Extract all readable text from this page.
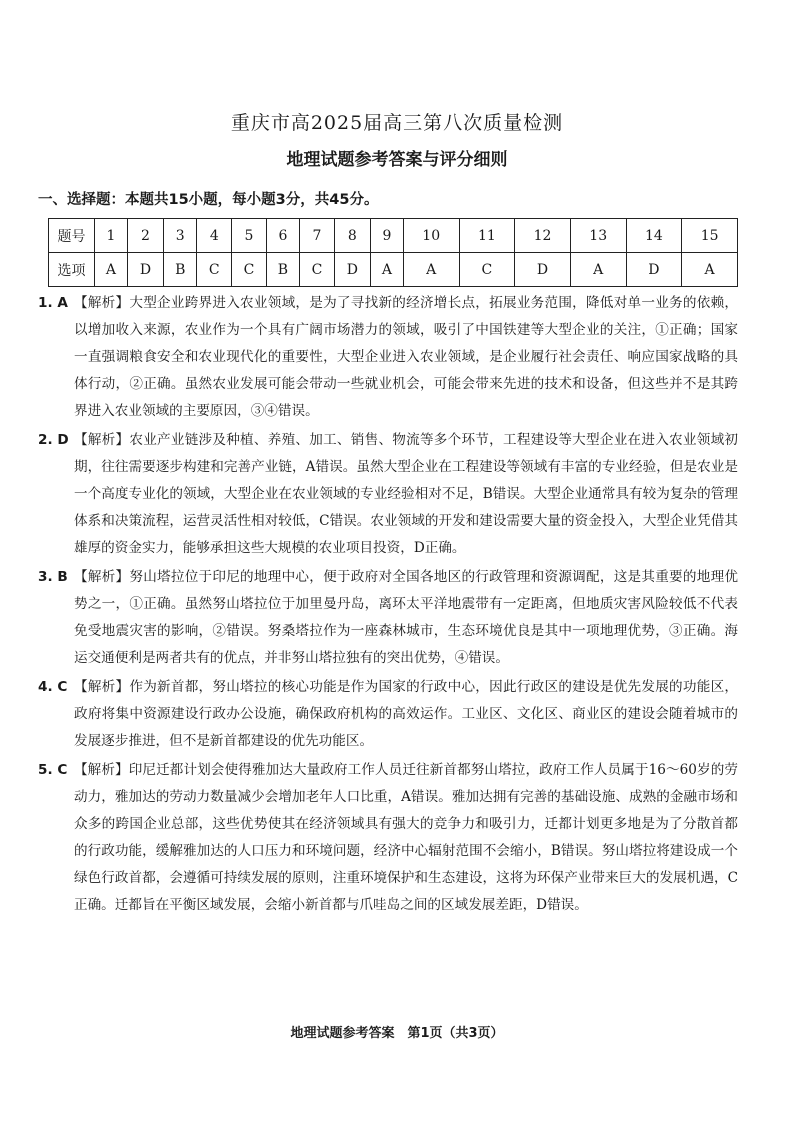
重庆市高2025届高三第八次质量检测
地理试题参考答案与评分细则
一、选择题：本题共15小题，每小题3分，共45分。
题号	1	2	3	4	5	6	7	8	9	10	11	12	13	14	15
选项	A	D	B	C	C	B	C	D	A	A	C	D	A	D	A
1. A 【解析】大型企业跨界进入农业领域，是为了寻找新的经济增长点，拓展业务范围，降低对单一业务的依赖，以增加收入来源，农业作为一个具有广阔市场潜力的领域，吸引了中国铁建等大型企业的关注，①正确；国家一直强调粮食安全和农业现代化的重要性，大型企业进入农业领域，是企业履行社会责任、响应国家战略的具体行动，②正确。虽然农业发展可能会带动一些就业机会，可能会带来先进的技术和设备，但这些并不是其跨界进入农业领域的主要原因，③④错误。
2. D 【解析】农业产业链涉及种植、养殖、加工、销售、物流等多个环节，工程建设等大型企业在进入农业领域初期，往往需要逐步构建和完善产业链，A错误。虽然大型企业在工程建设等领域有丰富的专业经验，但是农业是一个高度专业化的领域，大型企业在农业领域的专业经验相对不足，B错误。大型企业通常具有较为复杂的管理体系和决策流程，运营灵活性相对较低，C错误。农业领域的开发和建设需要大量的资金投入，大型企业凭借其雄厚的资金实力，能够承担这些大规模的农业项目投资，D正确。
3. B 【解析】努山塔拉位于印尼的地理中心，便于政府对全国各地区的行政管理和资源调配，这是其重要的地理优势之一，①正确。虽然努山塔拉位于加里曼丹岛，离环太平洋地震带有一定距离，但地质灾害风险较低不代表免受地震灾害的影响，②错误。努桑塔拉作为一座森林城市，生态环境优良是其中一项地理优势，③正确。海运交通便利是两者共有的优点，并非努山塔拉独有的突出优势，④错误。
4. C 【解析】作为新首都，努山塔拉的核心功能是作为国家的行政中心，因此行政区的建设是优先发展的功能区，政府将集中资源建设行政办公设施，确保政府机构的高效运作。工业区、文化区、商业区的建设会随着城市的发展逐步推进，但不是新首都建设的优先功能区。
5. C 【解析】印尼迁都计划会使得雅加达大量政府工作人员迁往新首都努山塔拉，政府工作人员属于16～60岁的劳动力，雅加达的劳动力数量减少会增加老年人口比重，A错误。雅加达拥有完善的基础设施、成熟的金融市场和众多的跨国企业总部，这些优势使其在经济领域具有强大的竞争力和吸引力，迁都计划更多地是为了分散首都的行政功能，缓解雅加达的人口压力和环境问题，经济中心辐射范围不会缩小，B错误。努山塔拉将建设成一个绿色行政首都，会遵循可持续发展的原则，注重环境保护和生态建设，这将为环保产业带来巨大的发展机遇，C正确。迁都旨在平衡区域发展，会缩小新首都与爪哇岛之间的区域发展差距，D错误。
地理试题参考答案　第1页（共3页）
